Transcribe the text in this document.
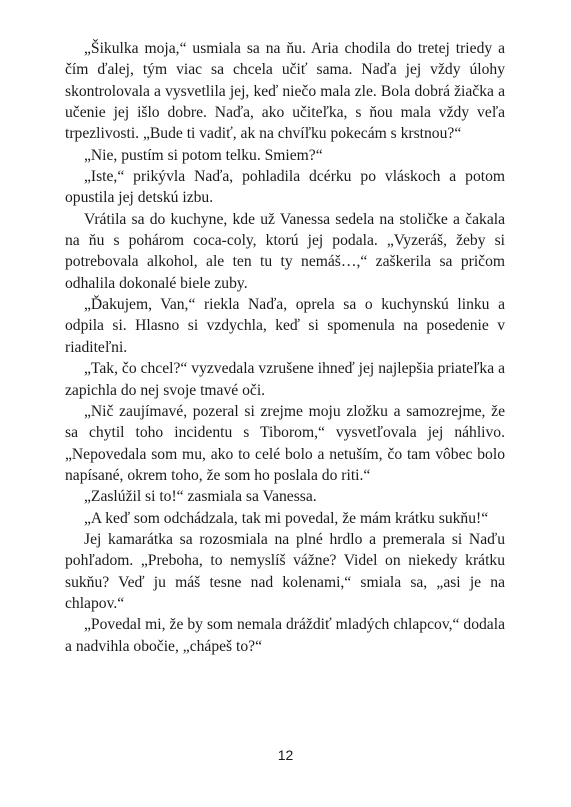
„Šikulka moja,“ usmiala sa na ňu. Aria chodila do tretej triedy a čím ďalej, tým viac sa chcela učiť sama. Naďa jej vždy úlohy skontrolovala a vysvetlila jej, keď niečo mala zle. Bola dobrá žiačka a učenie jej išlo dobre. Naďa, ako učiteľka, s ňou mala vždy veľa trpezlivosti. „Bude ti vadiť, ak na chvíľku pokecám s krstnou?“

„Nie, pustím si potom telku. Smiem?“

„Iste,“ prikývla Naďa, pohladila dcérku po vláskoch a potom opustila jej detskú izbu.

Vrátila sa do kuchyne, kde už Vanessa sedela na stoličke a čakala na ňu s pohárom coca-coly, ktorú jej podala. „Vyzeráš, žeby si potrebovala alkohol, ale ten tu ty nemáš…,“ zaškerila sa pričom odhalila dokonalé biele zuby.

„Ďakujem, Van,“ riekla Naďa, oprela sa o kuchynskú linku a odpila si. Hlasno si vzdychla, keď si spomenula na posedenie v riaditeľni.

„Tak, čo chcel?“ vyzvedala vzrušene ihneď jej najlepšia priateľka a zapichla do nej svoje tmavé oči.

„Nič zaujímavé, pozeral si zrejme moju zložku a samozrejme, že sa chytil toho incidentu s Tiborom,“ vysvetľovala jej náhlivo. „Nepovedala som mu, ako to celé bolo a netuším, čo tam vôbec bolo napísané, okrem toho, že som ho poslala do riti.“

„Zaslúžil si to!“ zasmiala sa Vanessa.

„A keď som odchádzala, tak mi povedal, že mám krátku sukňu!“

Jej kamarátka sa rozosmiala na plné hrdlo a premerala si Naďu pohľadom. „Preboha, to nemyslíš vážne? Videl on niekedy krátku sukňu? Veď ju máš tesne nad kolenami,“ smiala sa, „asi je na chlapov.“

„Povedal mi, že by som nemala dráždiť mladých chlapcov,“ dodala a nadvihla obočie, „chápeš to?“

12
